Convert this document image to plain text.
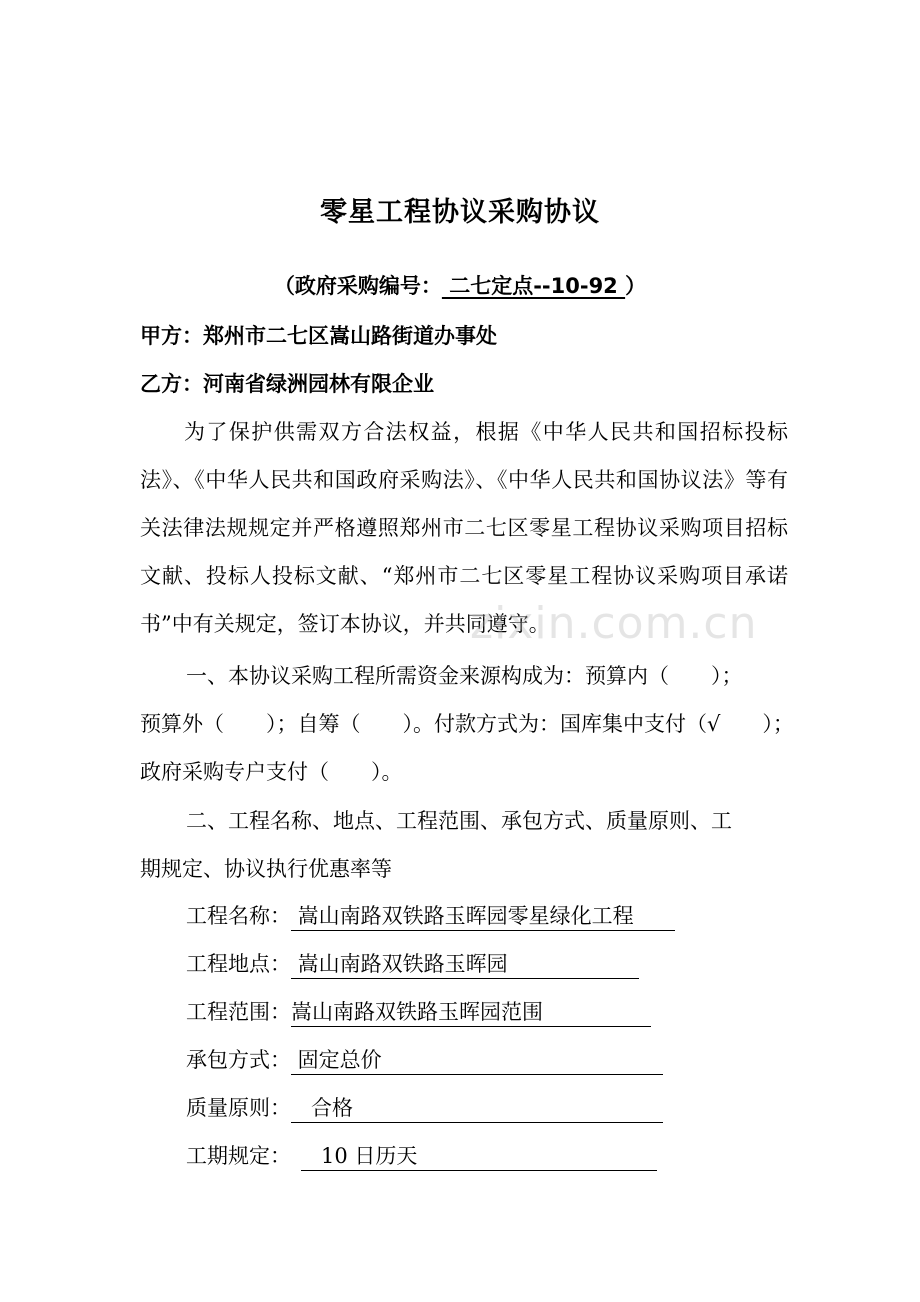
零星工程协议采购协议
（政府采购编号： 二七定点--10-92 ）
甲方：郑州市二七区嵩山路街道办事处
乙方：河南省绿洲园林有限企业
为了保护供需双方合法权益，根据《中华人民共和国招标投标法》、《中华人民共和国政府采购法》、《中华人民共和国协议法》等有关法律法规规定并严格遵照郑州市二七区零星工程协议采购项目招标文献、投标人投标文献、“郑州市二七区零星工程协议采购项目承诺书”中有关规定，签订本协议，并共同遵守。
一、本协议采购工程所需资金来源构成为：预算内（　　）；
预算外（　　）；自筹（　　）。付款方式为：国库集中支付（√　　）；
政府采购专户支付（　　）。
二、工程名称、地点、工程范围、承包方式、质量原则、工
期规定、协议执行优惠率等
工程名称： 嵩山南路双铁路玉晖园零星绿化工程
工程地点： 嵩山南路双铁路玉晖园
工程范围： 嵩山南路双铁路玉晖园范围
承包方式： 固定总价
质量原则： 合格
工期规定： 10 日历天
zixin.com.cn
